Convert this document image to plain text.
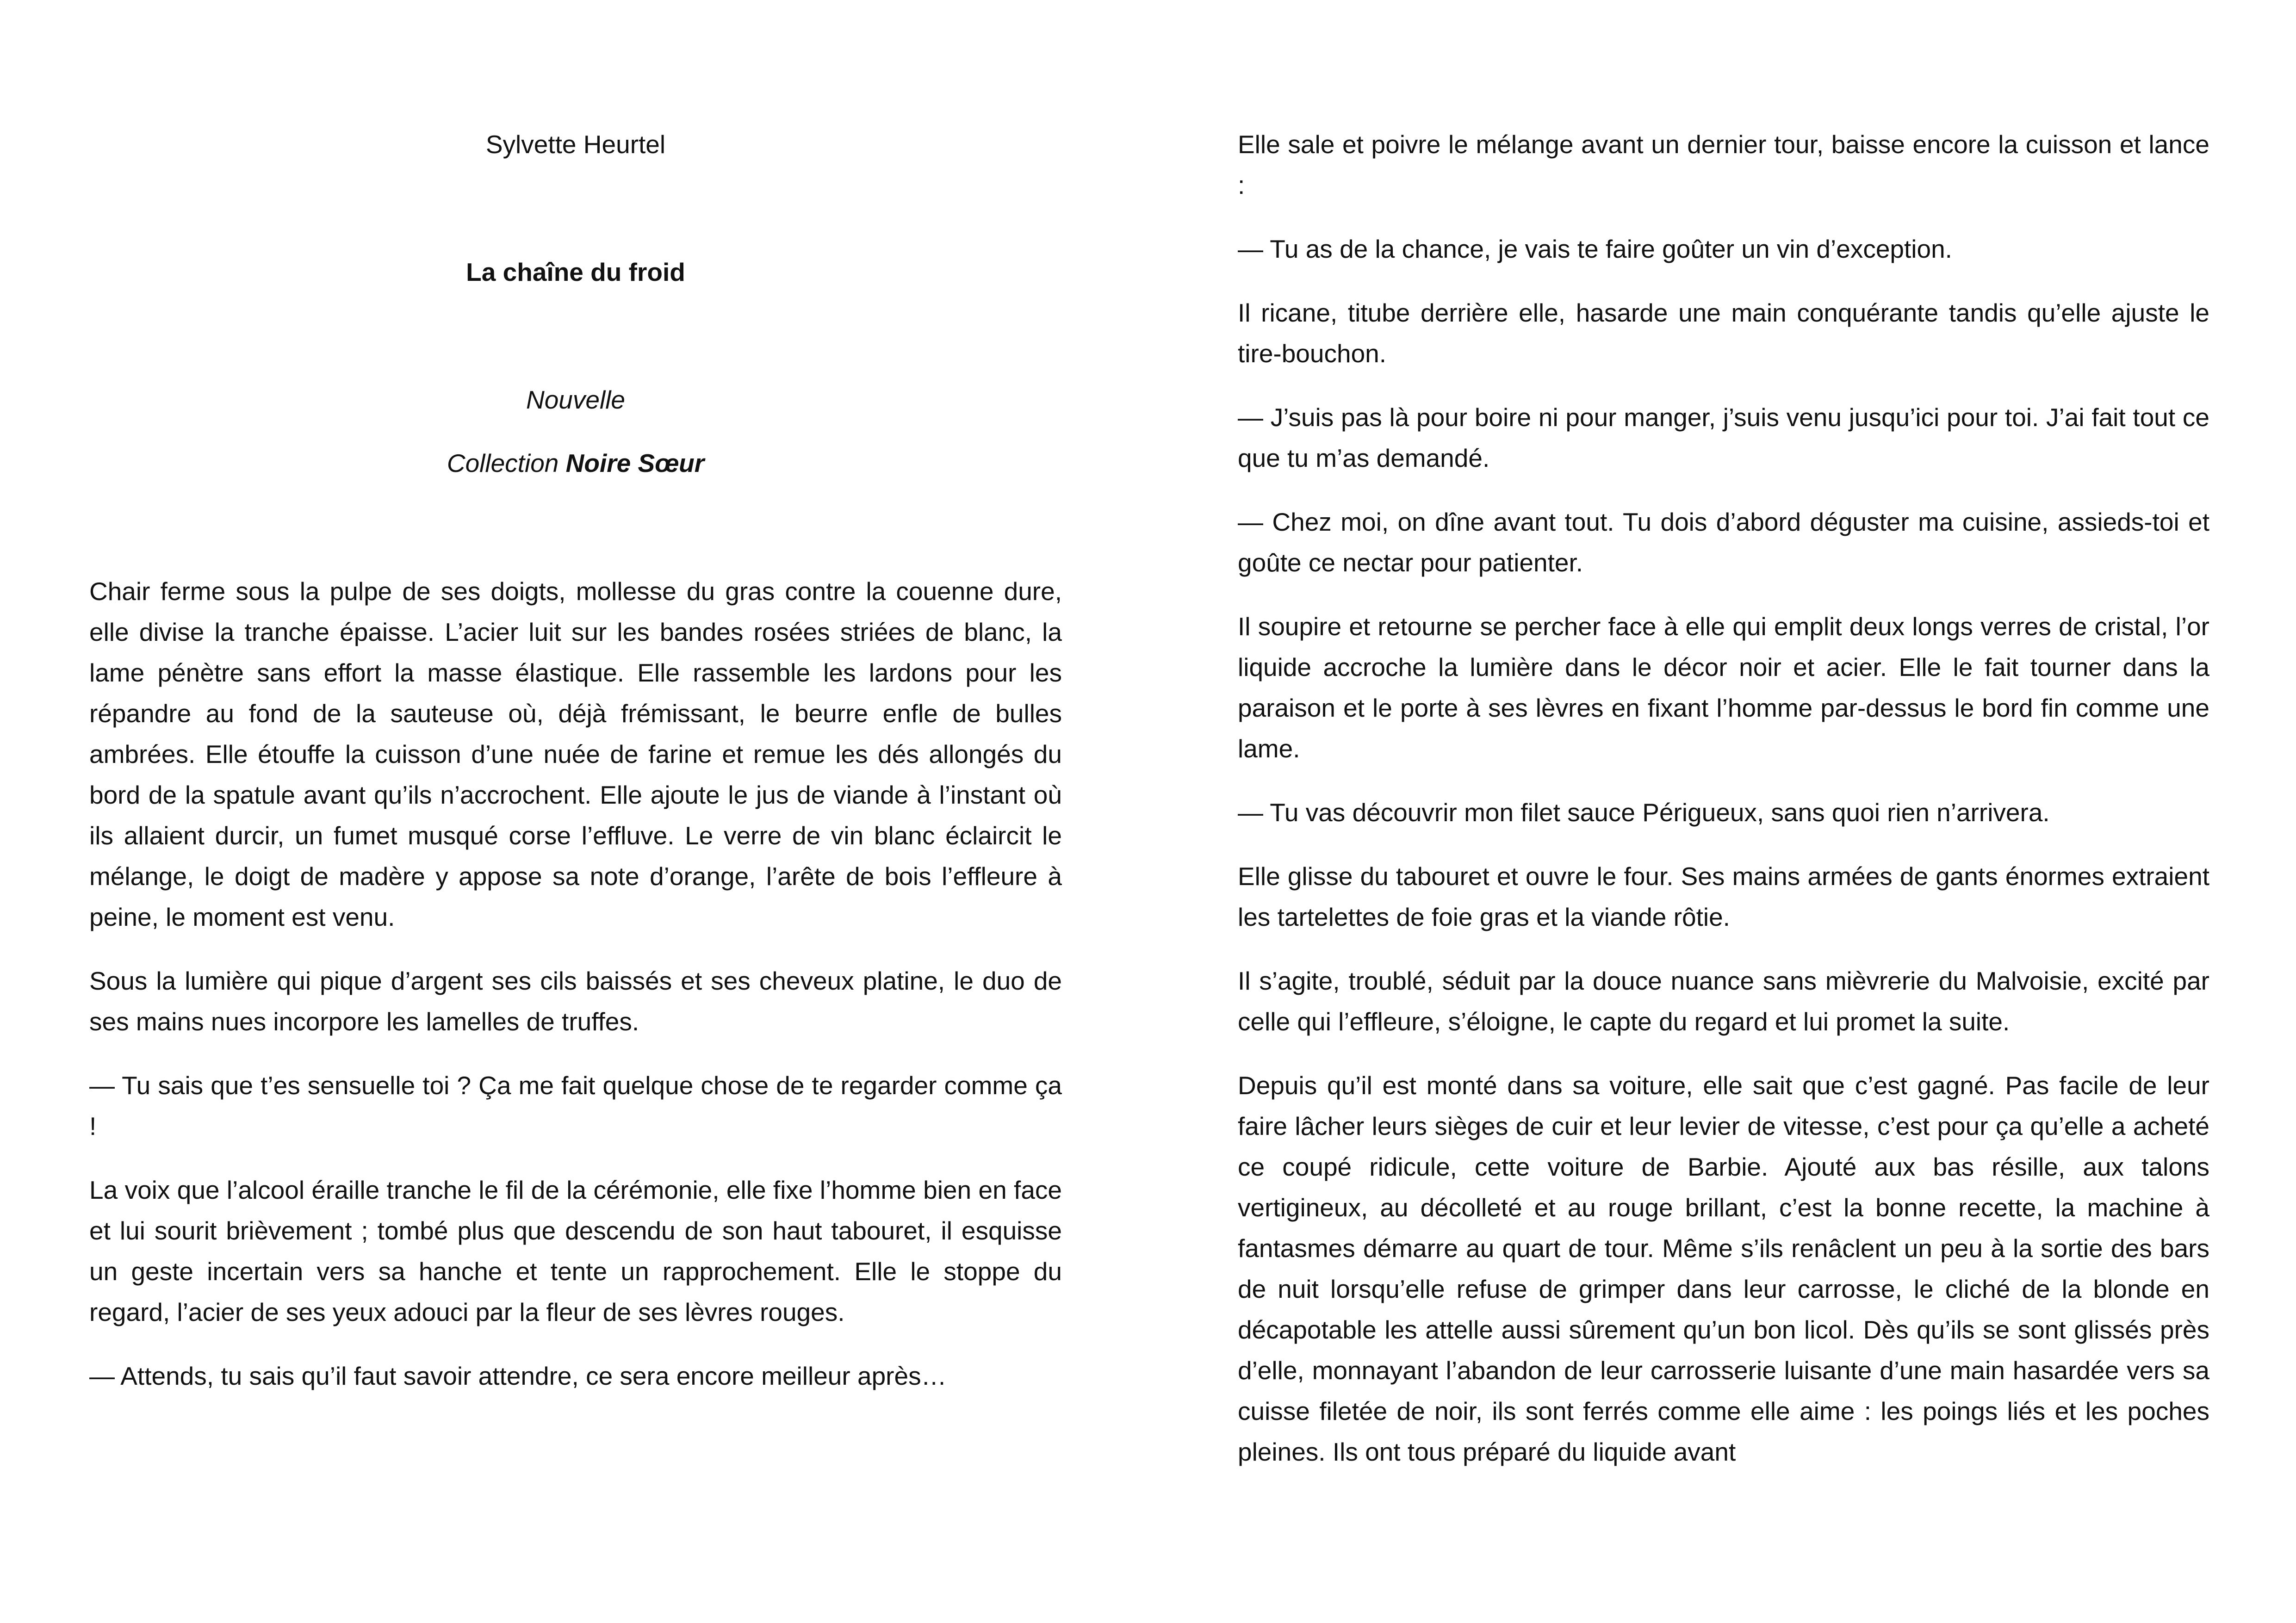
Sylvette Heurtel

La chaîne du froid

Nouvelle

Collection Noire Sœur

Chair ferme sous la pulpe de ses doigts, mollesse du gras contre la couenne dure, elle divise la tranche épaisse. L’acier luit sur les bandes rosées striées de blanc, la lame pénètre sans effort la masse élastique. Elle rassemble les lardons pour les répandre au fond de la sauteuse où, déjà frémissant, le beurre enfle de bulles ambrées. Elle étouffe la cuisson d’une nuée de farine et remue les dés allongés du bord de la spatule avant qu’ils n’accrochent. Elle ajoute le jus de viande à l’instant où ils allaient durcir, un fumet musqué corse l’effluve. Le verre de vin blanc éclaircit le mélange, le doigt de madère y appose sa note d’orange, l’arête de bois l’effleure à peine, le moment est venu.

Sous la lumière qui pique d’argent ses cils baissés et ses cheveux platine, le duo de ses mains nues incorpore les lamelles de truffes.

— Tu sais que t’es sensuelle toi ? Ça me fait quelque chose de te regarder comme ça !

La voix que l’alcool éraille tranche le fil de la cérémonie, elle fixe l’homme bien en face et lui sourit brièvement ; tombé plus que descendu de son haut tabouret, il esquisse un geste incertain vers sa hanche et tente un rapprochement. Elle le stoppe du regard, l’acier de ses yeux adouci par la fleur de ses lèvres rouges.

— Attends, tu sais qu’il faut savoir attendre, ce sera encore meilleur après…

Elle sale et poivre le mélange avant un dernier tour, baisse encore la cuisson et lance :

— Tu as de la chance, je vais te faire goûter un vin d’exception.

Il ricane, titube derrière elle, hasarde une main conquérante tandis qu’elle ajuste le tire-bouchon.

— J’suis pas là pour boire ni pour manger, j’suis venu jusqu’ici pour toi. J’ai fait tout ce que tu m’as demandé.

— Chez moi, on dîne avant tout. Tu dois d’abord déguster ma cuisine, assieds-toi et goûte ce nectar pour patienter.

Il soupire et retourne se percher face à elle qui emplit deux longs verres de cristal, l’or liquide accroche la lumière dans le décor noir et acier. Elle le fait tourner dans la paraison et le porte à ses lèvres en fixant l’homme par-dessus le bord fin comme une lame.

— Tu vas découvrir mon filet sauce Périgueux, sans quoi rien n’arrivera.

Elle glisse du tabouret et ouvre le four. Ses mains armées de gants énormes extraient les tartelettes de foie gras et la viande rôtie.

Il s’agite, troublé, séduit par la douce nuance sans mièvrerie du Malvoisie, excité par celle qui l’effleure, s’éloigne, le capte du regard et lui promet la suite.

Depuis qu’il est monté dans sa voiture, elle sait que c’est gagné. Pas facile de leur faire lâcher leurs sièges de cuir et leur levier de vitesse, c’est pour ça qu’elle a acheté ce coupé ridicule, cette voiture de Barbie. Ajouté aux bas résille, aux talons vertigineux, au décolleté et au rouge brillant, c’est la bonne recette, la machine à fantasmes démarre au quart de tour. Même s’ils renâclent un peu à la sortie des bars de nuit lorsqu’elle refuse de grimper dans leur carrosse, le cliché de la blonde en décapotable les attelle aussi sûrement qu’un bon licol. Dès qu’ils se sont glissés près d’elle, monnayant l’abandon de leur carrosserie luisante d’une main hasardée vers sa cuisse filetée de noir, ils sont ferrés comme elle aime : les poings liés et les poches pleines. Ils ont tous préparé du liquide avant
